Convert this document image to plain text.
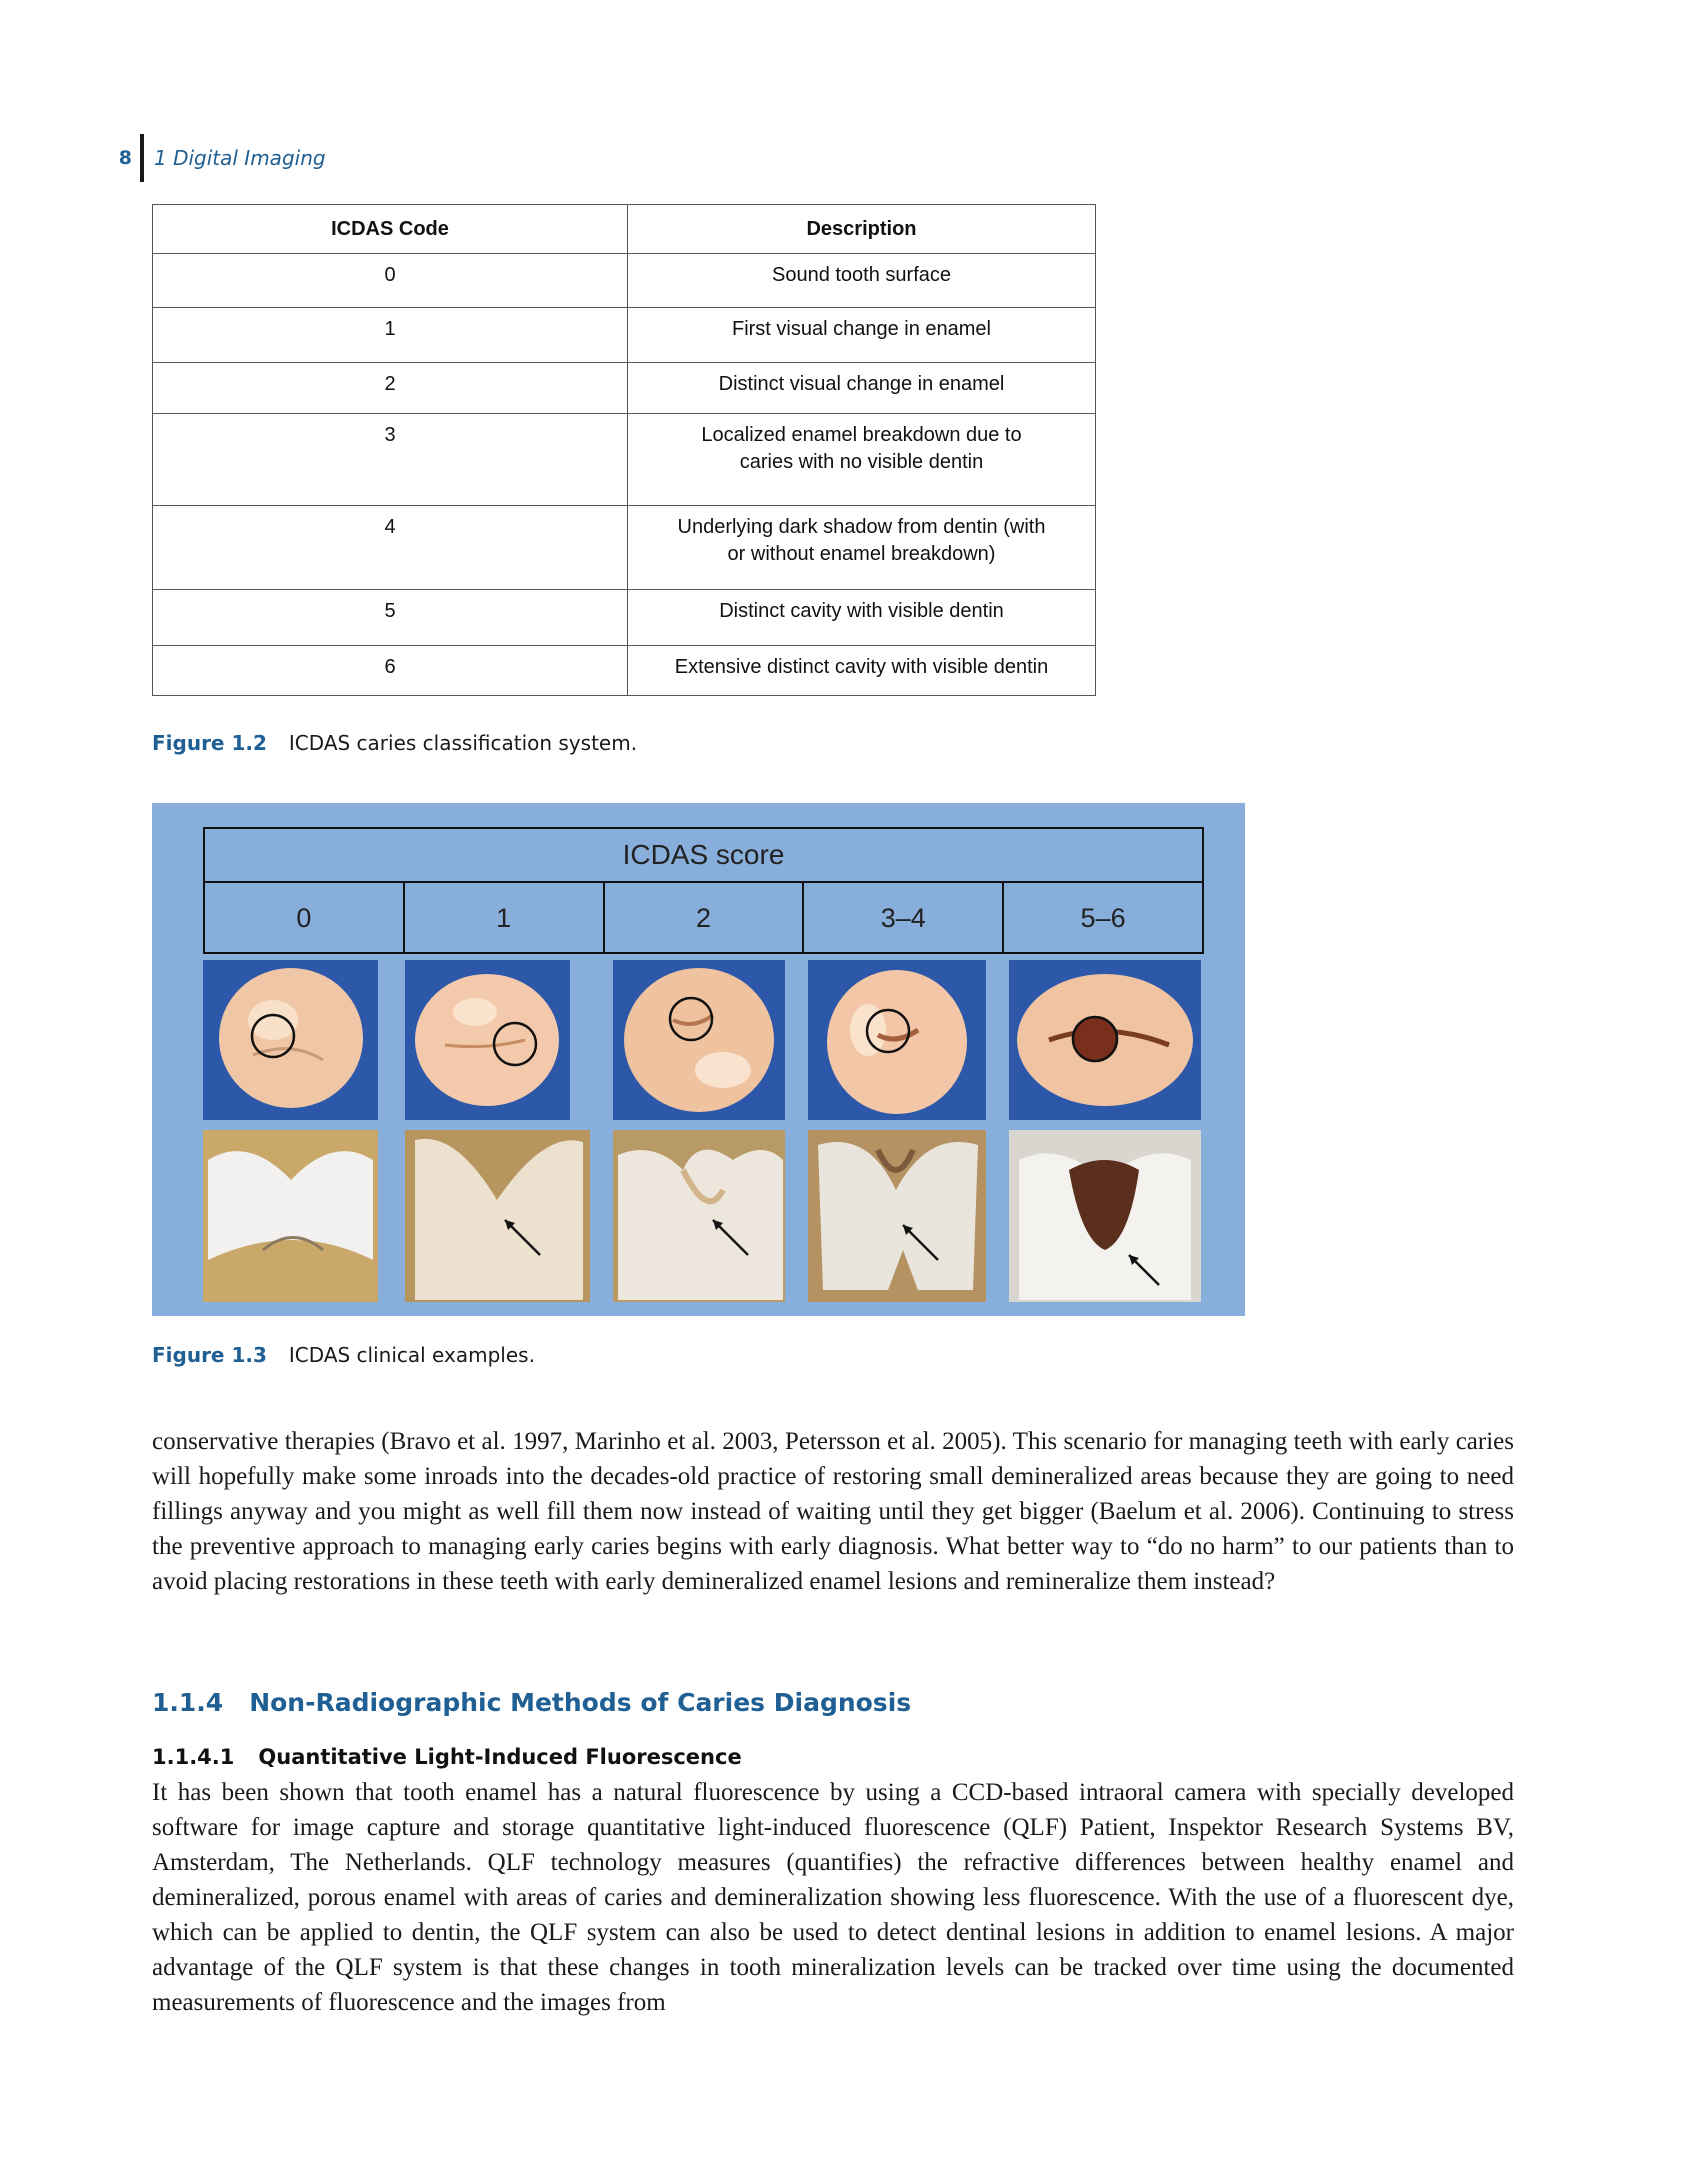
8 1 Digital Imaging
ICDAS Code	Description
0	Sound tooth surface
1	First visual change in enamel
2	Distinct visual change in enamel
3	Localized enamel breakdown due to caries with no visible dentin
4	Underlying dark shadow from dentin (with or without enamel breakdown)
5	Distinct cavity with visible dentin
6	Extensive distinct cavity with visible dentin
Figure 1.2 ICDAS caries classification system.
ICDAS score
0	1	2	3–4	5–6
Figure 1.3 ICDAS clinical examples.

conservative therapies (Bravo et al. 1997, Marinho et al. 2003, Petersson et al. 2005). This scenario for managing teeth with early caries will hopefully make some inroads into the decades-old practice of restoring small demineralized areas because they are going to need fillings anyway and you might as well fill them now instead of waiting until they get bigger (Baelum et al. 2006). Continuing to stress the preventive approach to managing early caries begins with early diagnosis. What better way to “do no harm” to our patients than to avoid placing restorations in these teeth with early demineralized enamel lesions and remineralize them instead?

1.1.4 Non-Radiographic Methods of Caries Diagnosis
1.1.4.1 Quantitative Light-Induced Fluorescence

It has been shown that tooth enamel has a natural fluorescence by using a CCD-based intraoral camera with specially developed software for image capture and storage quantitative light-induced fluorescence (QLF) Patient, Inspektor Research Systems BV, Amsterdam, The Netherlands. QLF technology measures (quantifies) the refractive differences between healthy enamel and demineralized, porous enamel with areas of caries and demineralization showing less fluorescence. With the use of a fluorescent dye, which can be applied to dentin, the QLF system can also be used to detect dentinal lesions in addition to enamel lesions. A major advantage of the QLF system is that these changes in tooth mineralization levels can be tracked over time using the documented measurements of fluorescence and the images from
